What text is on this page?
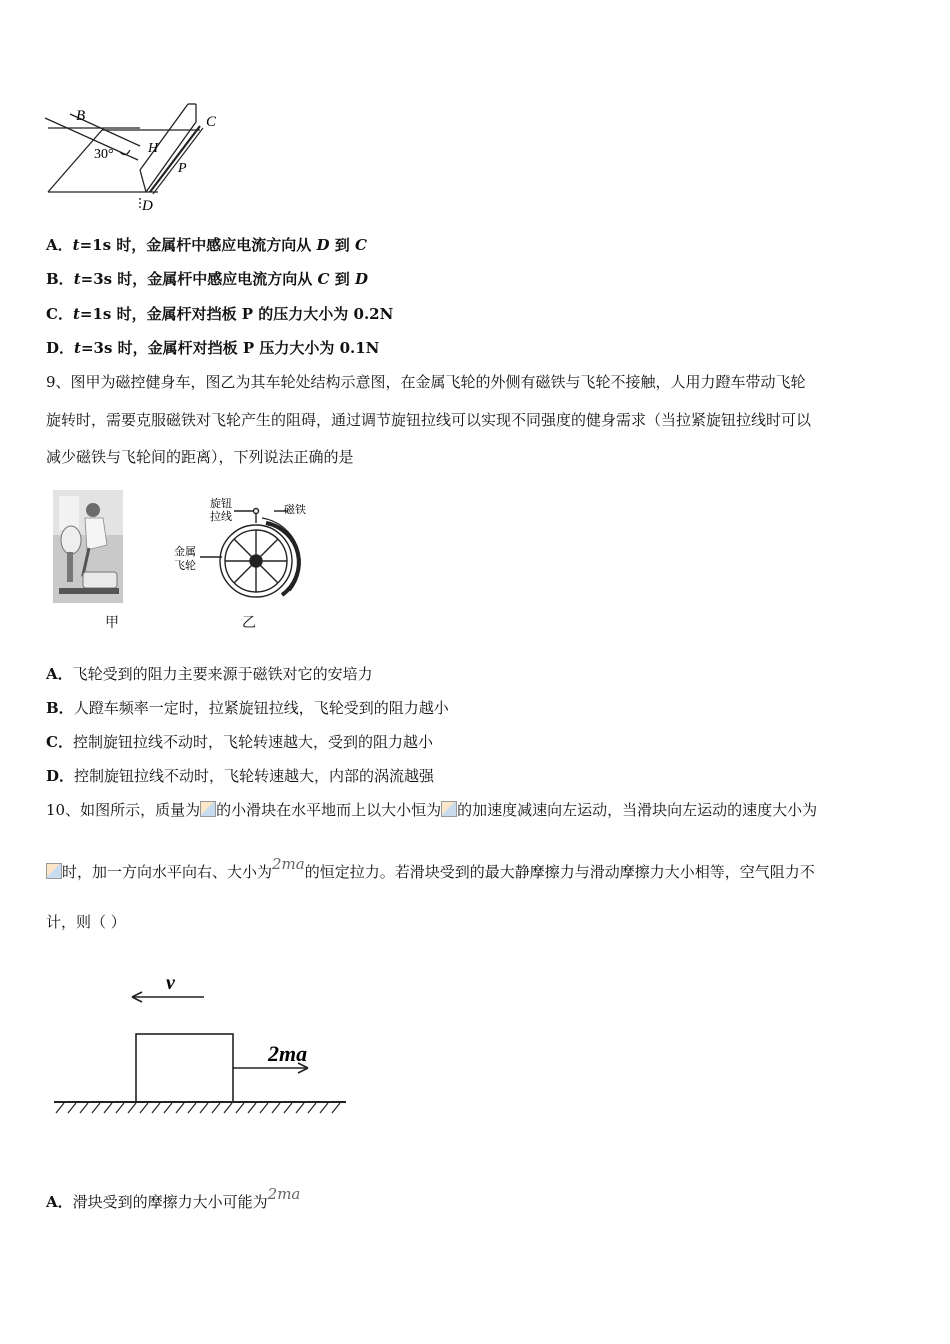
B	C
H
P
D
30°
A．t=1s 时，金属杆中感应电流方向从 D 到 C
B．t=3s 时，金属杆中感应电流方向从 C 到 D
C．t=1s 时，金属杆对挡板 P 的压力大小为 0.2N
D．t=3s 时，金属杆对挡板 P 压力大小为 0.1N
9、图甲为磁控健身车，图乙为其车轮处结构示意图，在金属飞轮的外侧有磁铁与飞轮不接触，人用力蹬车带动飞轮
旋转时，需要克服磁铁对飞轮产生的阻碍，通过调节旋钮拉线可以实现不同强度的健身需求（当拉紧旋钮拉线时可以
减少磁铁与飞轮间的距离），下列说法正确的是
甲
旋钮
拉线
磁铁
金属
飞轮
乙
A．飞轮受到的阻力主要来源于磁铁对它的安培力
B．人蹬车频率一定时，拉紧旋钮拉线，飞轮受到的阻力越小
C．控制旋钮拉线不动时，飞轮转速越大，受到的阻力越小
D．控制旋钮拉线不动时，飞轮转速越大，内部的涡流越强
10、如图所示，质量为 的小滑块在水平地而上以大小恒为 的加速度减速向左运动，当滑块向左运动的速度大小为
时，加一方向水平向右、大小为2ma的恒定拉力。若滑块受到的最大静摩擦力与滑动摩擦力大小相等，空气阻力不
计，则（ ）
v
2ma
A．滑块受到的摩擦力大小可能为2ma
